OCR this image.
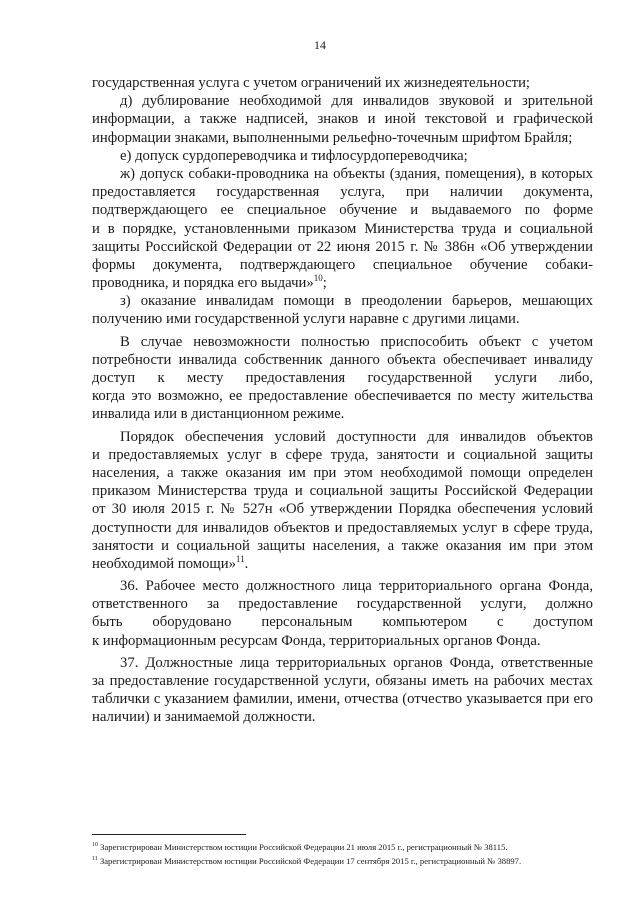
14
государственная услуга с учетом ограничений их жизнедеятельности;
д) дублирование необходимой для инвалидов звуковой и зрительной
информации, а также надписей, знаков и иной текстовой и графической
информации знаками, выполненными рельефно-точечным шрифтом Брайля;
е) допуск сурдопереводчика и тифлосурдопереводчика;
ж) допуск собаки-проводника на объекты (здания, помещения), в которых
предоставляется государственная услуга, при наличии документа,
подтверждающего ее специальное обучение и выдаваемого по форме
и в порядке, установленными приказом Министерства труда и социальной
защиты Российской Федерации от 22 июня 2015 г. № 386н «Об утверждении
формы документа, подтверждающего специальное обучение собаки-
проводника, и порядка его выдачи»$^{10}$;
з) оказание инвалидам помощи в преодолении барьеров, мешающих
получению ими государственной услуги наравне с другими лицами.
В случае невозможности полностью приспособить объект с учетом
потребности инвалида собственник данного объекта обеспечивает инвалиду
доступ к месту предоставления государственной услуги либо,
когда это возможно, ее предоставление обеспечивается по месту жительства
инвалида или в дистанционном режиме.
Порядок обеспечения условий доступности для инвалидов объектов
и предоставляемых услуг в сфере труда, занятости и социальной защиты
населения, а также оказания им при этом необходимой помощи определен
приказом Министерства труда и социальной защиты Российской Федерации
от 30 июля 2015 г. № 527н «Об утверждении Порядка обеспечения условий
доступности для инвалидов объектов и предоставляемых услуг в сфере труда,
занятости и социальной защиты населения, а также оказания им при этом
необходимой помощи»$^{11}$.
36. Рабочее место должностного лица территориального органа Фонда,
ответственного за предоставление государственной услуги, должно
быть оборудовано персональным компьютером с доступом
к информационным ресурсам Фонда, территориальных органов Фонда.
37. Должностные лица территориальных органов Фонда, ответственные
за предоставление государственной услуги, обязаны иметь на рабочих местах
таблички с указанием фамилии, имени, отчества (отчество указывается при его
наличии) и занимаемой должности.
$^{10}$ Зарегистрирован Министерством юстиции Российской Федерации 21 июля 2015 г., регистрационный № 38115.
$^{11}$ Зарегистрирован Министерством юстиции Российской Федерации 17 сентября 2015 г., регистрационный № 38897.
